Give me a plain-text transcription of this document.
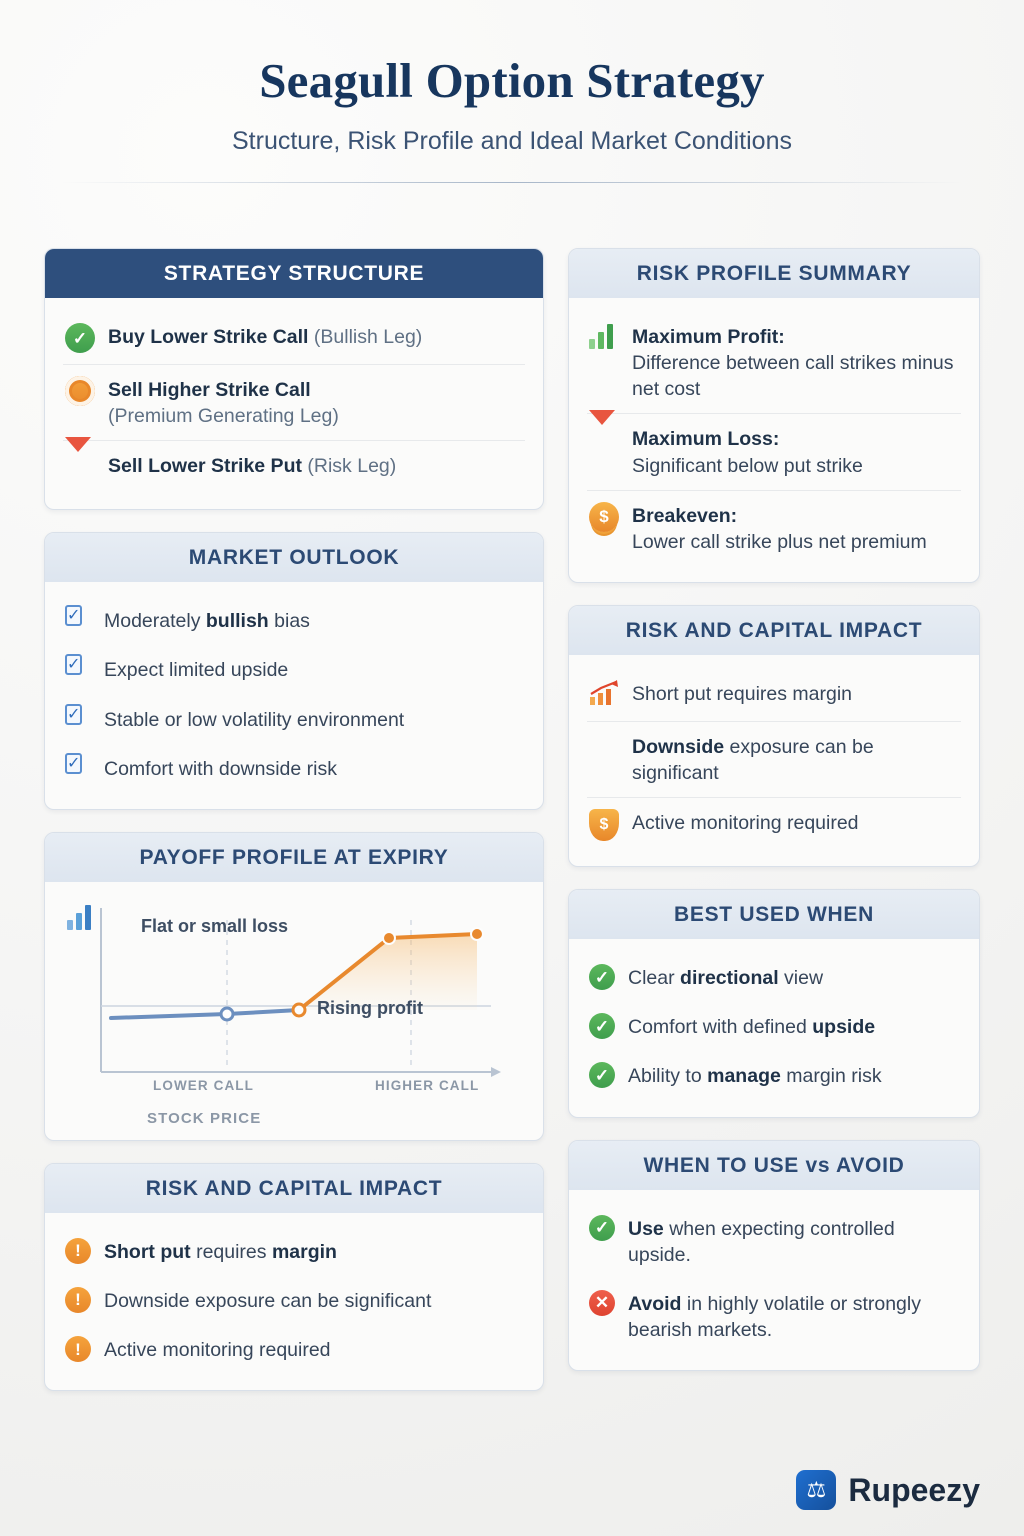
Seagull Option Strategy
Structure, Risk Profile and Ideal Market Conditions
STRATEGY STRUCTURE
✓	Buy Lower Strike Call (Bullish Leg)
Sell Higher Strike Call
(Premium Generating Leg)
Sell Lower Strike Put (Risk Leg)
MARKET OUTLOOK
✓	Moderately bullish bias
✓	Expect limited upside
✓	Stable or low volatility environment
✓	Comfort with downside risk
PAYOFF PROFILE AT EXPIRY
Flat or small loss
Rising profit
LOWER CALL	HIGHER CALL
STOCK PRICE
RISK AND CAPITAL IMPACT
!	Short put requires margin
!	Downside exposure can be significant
!	Active monitoring required
RISK PROFILE SUMMARY
Maximum Profit:
Difference between call strikes minus net cost
Maximum Loss:
Significant below put strike
$	Breakeven:
Lower call strike plus net premium
RISK AND CAPITAL IMPACT
Short put requires margin
Downside exposure can be significant
$	Active monitoring required
BEST USED WHEN
✓ Clear directional view
✓ Comfort with defined upside
✓ Ability to manage margin risk
WHEN TO USE vs AVOID
✓ Use when expecting controlled upside.
✕ Avoid in highly volatile or strongly bearish markets.
⚖ Rupeezy
